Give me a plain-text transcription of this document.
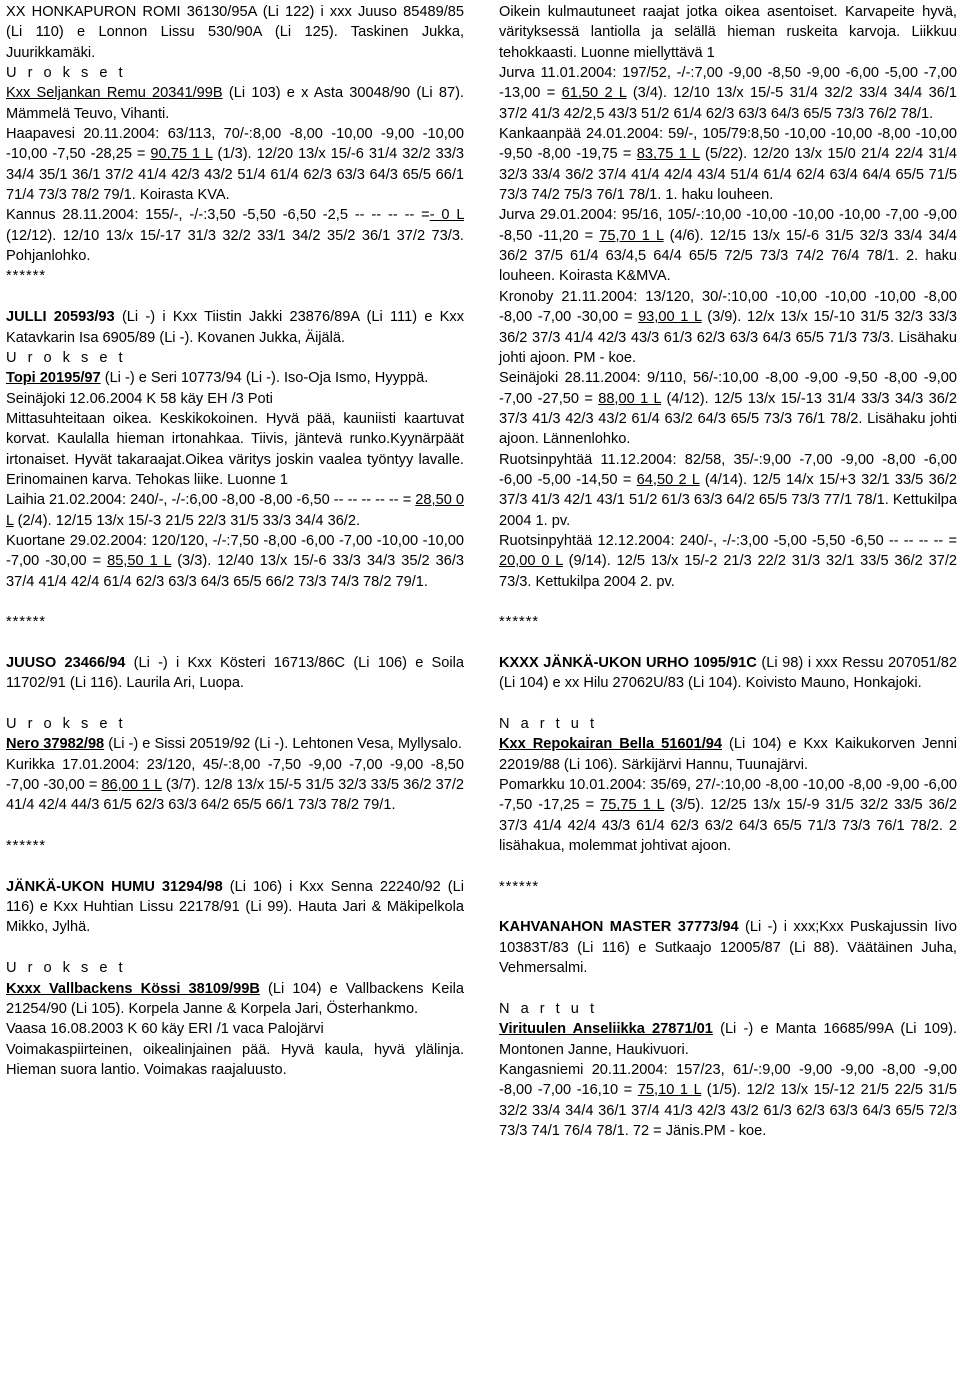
XX HONKAPURON ROMI 36130/95A (Li 122) i xxx Juuso 85489/85 (Li 110) e Lonnon Lissu 530/90A (Li 125). Taskinen Jukka, Juurikkamäki.

U r o k s e t

Kxx Seljankan Remu 20341/99B (Li 103) e x Asta 30048/90 (Li 87). Mämmelä Teuvo, Vihanti.

Haapavesi 20.11.2004: 63/113, 70/-:8,00 -8,00 -10,00 -9,00 -10,00 -10,00 -7,50 -28,25 = 90,75 1 L (1/3). 12/20 13/x 15/-6 31/4 32/2 33/3 34/4 35/1 36/1 37/2 41/4 42/3 43/2 51/4 61/4 62/3 63/3 64/3 65/5 66/1 71/4 73/3 78/2 79/1. Koirasta KVA.

Kannus 28.11.2004: 155/-, -/-:3,50 -5,50 -6,50 -2,5 -- -- -- -- =- 0 L (12/12). 12/10 13/x 15/-17 31/3 32/2 33/1 34/2 35/2 36/1 37/2 73/3. Pohjanlohko.

******

JULLI 20593/93 (Li -) i Kxx Tiistin Jakki 23876/89A (Li 111) e Kxx Katavkarin Isa 6905/89 (Li -). Kovanen Jukka, Äijälä.

U r o k s e t

Topi 20195/97 (Li -) e Seri 10773/94 (Li -). Iso-Oja Ismo, Hyyppä.

Seinäjoki 12.06.2004 K 58 käy EH /3 Poti

Mittasuhteitaan oikea. Keskikokoinen. Hyvä pää, kauniisti kaartuvat korvat. Kaulalla hieman irtonahkaa. Tiivis, jäntevä runko.Kyynärpäät irtonaiset. Hyvät takaraajat.Oikea väritys joskin vaalea työntyy lavalle. Erinomainen karva. Tehokas liike. Luonne 1

Laihia 21.02.2004: 240/-, -/-:6,00 -8,00 -8,00 -6,50 -- -- -- -- -- = 28,50 0 L (2/4). 12/15 13/x 15/-3 21/5 22/3 31/5 33/3 34/4 36/2.

Kuortane 29.02.2004: 120/120, -/-:7,50 -8,00 -6,00 -7,00 -10,00 -10,00 -7,00 -30,00 = 85,50 1 L (3/3). 12/40 13/x 15/-6 33/3 34/3 35/2 36/3 37/4 41/4 42/4 61/4 62/3 63/3 64/3 65/5 66/2 73/3 74/3 78/2 79/1.

******

JUUSO 23466/94 (Li -) i Kxx Kösteri 16713/86C (Li 106) e Soila 11702/91 (Li 116). Laurila Ari, Luopa.

U r o k s e t

Nero 37982/98 (Li -) e Sissi 20519/92 (Li -). Lehtonen Vesa, Myllysalo.

Kurikka 17.01.2004: 23/120, 45/-:8,00 -7,50 -9,00 -7,00 -9,00 -8,50 -7,00 -30,00 = 86,00 1 L (3/7). 12/8 13/x 15/-5 31/5 32/3 33/5 36/2 37/2 41/4 42/4 44/3 61/5 62/3 63/3 64/2 65/5 66/1 73/3 78/2 79/1.

******

JÄNKÄ-UKON HUMU 31294/98 (Li 106) i Kxx Senna 22240/92 (Li 116) e Kxx Huhtian Lissu 22178/91 (Li 99). Hauta Jari & Mäkipelkola Mikko, Jylhä.

U r o k s e t

Kxxx Vallbackens Kössi 38109/99B (Li 104) e Vallbackens Keila 21254/90 (Li 105). Korpela Janne & Korpela Jari, Österhankmo.

Vaasa 16.08.2003 K 60 käy ERI /1 vaca Palojärvi

Voimakaspiirteinen, oikealinjainen pää. Hyvä kaula, hyvä ylälinja. Hieman suora lantio. Voimakas raajaluusto.

Oikein kulmautuneet raajat jotka oikea asentoiset. Karvapeite hyvä, värityksessä lantiolla ja selällä hieman ruskeita karvoja. Liikkuu tehokkaasti. Luonne miellyttävä 1

Jurva 11.01.2004: 197/52, -/-:7,00 -9,00 -8,50 -9,00 -6,00 -5,00 -7,00 -13,00 = 61,50 2 L (3/4). 12/10 13/x 15/-5 31/4 32/2 33/4 34/4 36/1 37/2 41/3 42/2,5 43/3 51/2 61/4 62/3 63/3 64/3 65/5 73/3 76/2 78/1.

Kankaanpää 24.01.2004: 59/-, 105/79:8,50 -10,00 -10,00 -8,00 -10,00 -9,50 -8,00 -19,75 = 83,75 1 L (5/22). 12/20 13/x 15/0 21/4 22/4 31/4 32/3 33/4 36/2 37/4 41/4 42/4 43/4 51/4 61/4 62/4 63/4 64/4 65/5 71/5 73/3 74/2 75/3 76/1 78/1. 1. haku louheen.

Jurva 29.01.2004: 95/16, 105/-:10,00 -10,00 -10,00 -10,00 -7,00 -9,00 -8,50 -11,20 = 75,70 1 L (4/6). 12/15 13/x 15/-6 31/5 32/3 33/4 34/4 36/2 37/5 61/4 63/4,5 64/4 65/5 72/5 73/3 74/2 76/4 78/1. 2. haku louheen. Koirasta K&MVA.

Kronoby 21.11.2004: 13/120, 30/-:10,00 -10,00 -10,00 -10,00 -8,00 -8,00 -7,00 -30,00 = 93,00 1 L (3/9). 12/x 13/x 15/-10 31/5 32/3 33/3 36/2 37/3 41/4 42/3 43/3 61/3 62/3 63/3 64/3 65/5 71/3 73/3. Lisähaku johti ajoon. PM - koe.

Seinäjoki 28.11.2004: 9/110, 56/-:10,00 -8,00 -9,00 -9,50 -8,00 -9,00 -7,00 -27,50 = 88,00 1 L (4/12). 12/5 13/x 15/-13 31/4 33/3 34/3 36/2 37/3 41/3 42/3 43/2 61/4 63/2 64/3 65/5 73/3 76/1 78/2. Lisähaku johti ajoon. Lännenlohko.

Ruotsinpyhtää 11.12.2004: 82/58, 35/-:9,00 -7,00 -9,00 -8,00 -6,00 -6,00 -5,00 -14,50 = 64,50 2 L (4/14). 12/5 14/x 15/+3 32/1 33/5 36/2 37/3 41/3 42/1 43/1 51/2 61/3 63/3 64/2 65/5 73/3 77/1 78/1. Kettukilpa 2004 1. pv.

Ruotsinpyhtää 12.12.2004: 240/-, -/-:3,00 -5,00 -5,50 -6,50 -- -- -- -- = 20,00 0 L (9/14). 12/5 13/x 15/-2 21/3 22/2 31/3 32/1 33/5 36/2 37/2 73/3. Kettukilpa 2004 2. pv.

******

KXXX JÄNKÄ-UKON URHO 1095/91C (Li 98) i xxx Ressu 207051/82 (Li 104) e xx Hilu 27062U/83 (Li 104). Koivisto Mauno, Honkajoki.

N a r t u t

Kxx Repokairan Bella 51601/94 (Li 104) e Kxx Kaikukorven Jenni 22019/88 (Li 106). Särkijärvi Hannu, Tuunajärvi.

Pomarkku 10.01.2004: 35/69, 27/-:10,00 -8,00 -10,00 -8,00 -9,00 -6,00 -7,50 -17,25 = 75,75 1 L (3/5). 12/25 13/x 15/-9 31/5 32/2 33/5 36/2 37/3 41/4 42/4 43/3 61/4 62/3 63/2 64/3 65/5 71/3 73/3 76/1 78/2. 2 lisähakua, molemmat johtivat ajoon.

******

KAHVANAHON MASTER 37773/94 (Li -) i xxx;Kxx Puskajussin Iivo 10383T/83 (Li 116) e Sutkaajo 12005/87 (Li 88). Väätäinen Juha, Vehmersalmi.

N a r t u t

Virituulen Anseliikka 27871/01 (Li -) e Manta 16685/99A (Li 109). Montonen Janne, Haukivuori.

Kangasniemi 20.11.2004: 157/23, 61/-:9,00 -9,00 -9,00 -8,00 -9,00 -8,00 -7,00 -16,10 = 75,10 1 L (1/5). 12/2 13/x 15/-12 21/5 22/5 31/5 32/2 33/4 34/4 36/1 37/4 41/3 42/3 43/2 61/3 62/3 63/3 64/3 65/5 72/3 73/3 74/1 76/4 78/1. 72 = Jänis.PM - koe.
